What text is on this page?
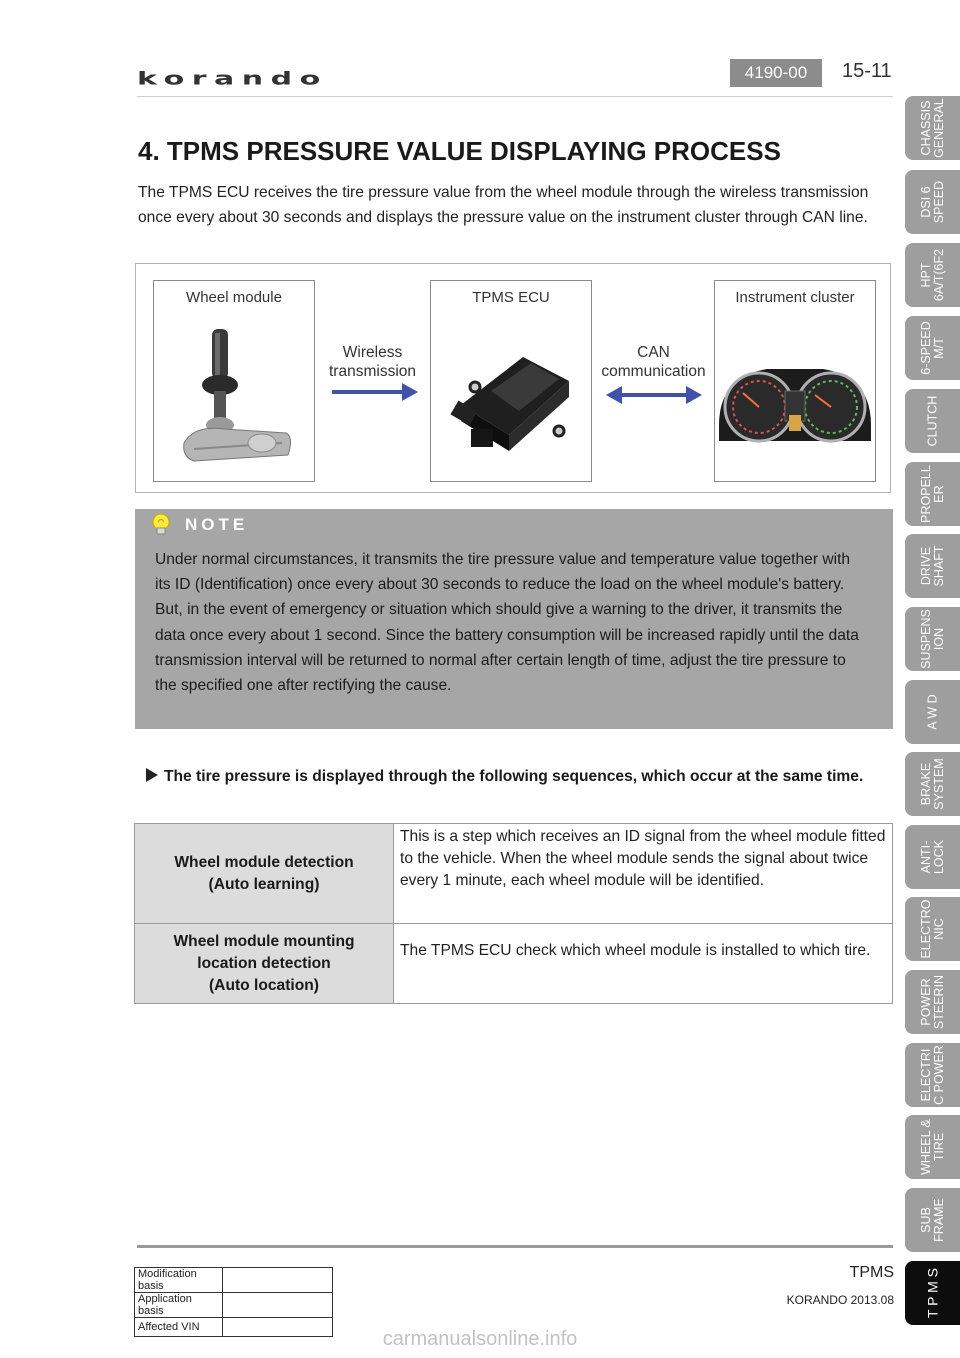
korando	4190-00	15-11
4. TPMS PRESSURE VALUE DISPLAYING PROCESS
The TPMS ECU receives the tire pressure value from the wheel module through the wireless transmission once every about 30 seconds and displays the pressure value on the instrument cluster through CAN line.
Wheel module	TPMS ECU	Instrument cluster
Wireless
transmission
CAN
communication
NOTE
Under normal circumstances, it transmits the tire pressure value and temperature value together with its ID (Identification) once every about 30 seconds to reduce the load on the wheel module's battery. But, in the event of emergency or situation which should give a warning to the driver, it transmits the data once every about 1 second. Since the battery consumption will be increased rapidly until the data transmission interval will be returned to normal after certain length of time, adjust the tire pressure to the specified one after rectifying the cause.
The tire pressure is displayed through the following sequences, which occur at the same time.
Wheel module detection
(Auto learning)	This is a step which receives an ID signal from the wheel module fitted to the vehicle. When the wheel module sends the signal about twice every 1 minute, each wheel module will be identified.

Wheel module mounting
location detection
(Auto location)	The TPMS ECU check which wheel module is installed to which tire.
CHASSIS
GENERAL
DSI 6
SPEED
HPT
6A/T(6F2
6-SPEED
M/T
CLUTCH
PROPELL
ER
DRIVE
SHAFT
SUSPENS
ION
A W D
BRAKE
SYSTEM
ANTI-
LOCK
ELECTRO
NIC
POWER
STEERIN
ELECTRI
C POWER
WHEEL &
TIRE
SUB
FRAME
T P M S
TPMS
KORANDO 2013.08
Modification basis	
Application basis	
Affected VIN	
carmanualsonline.info
